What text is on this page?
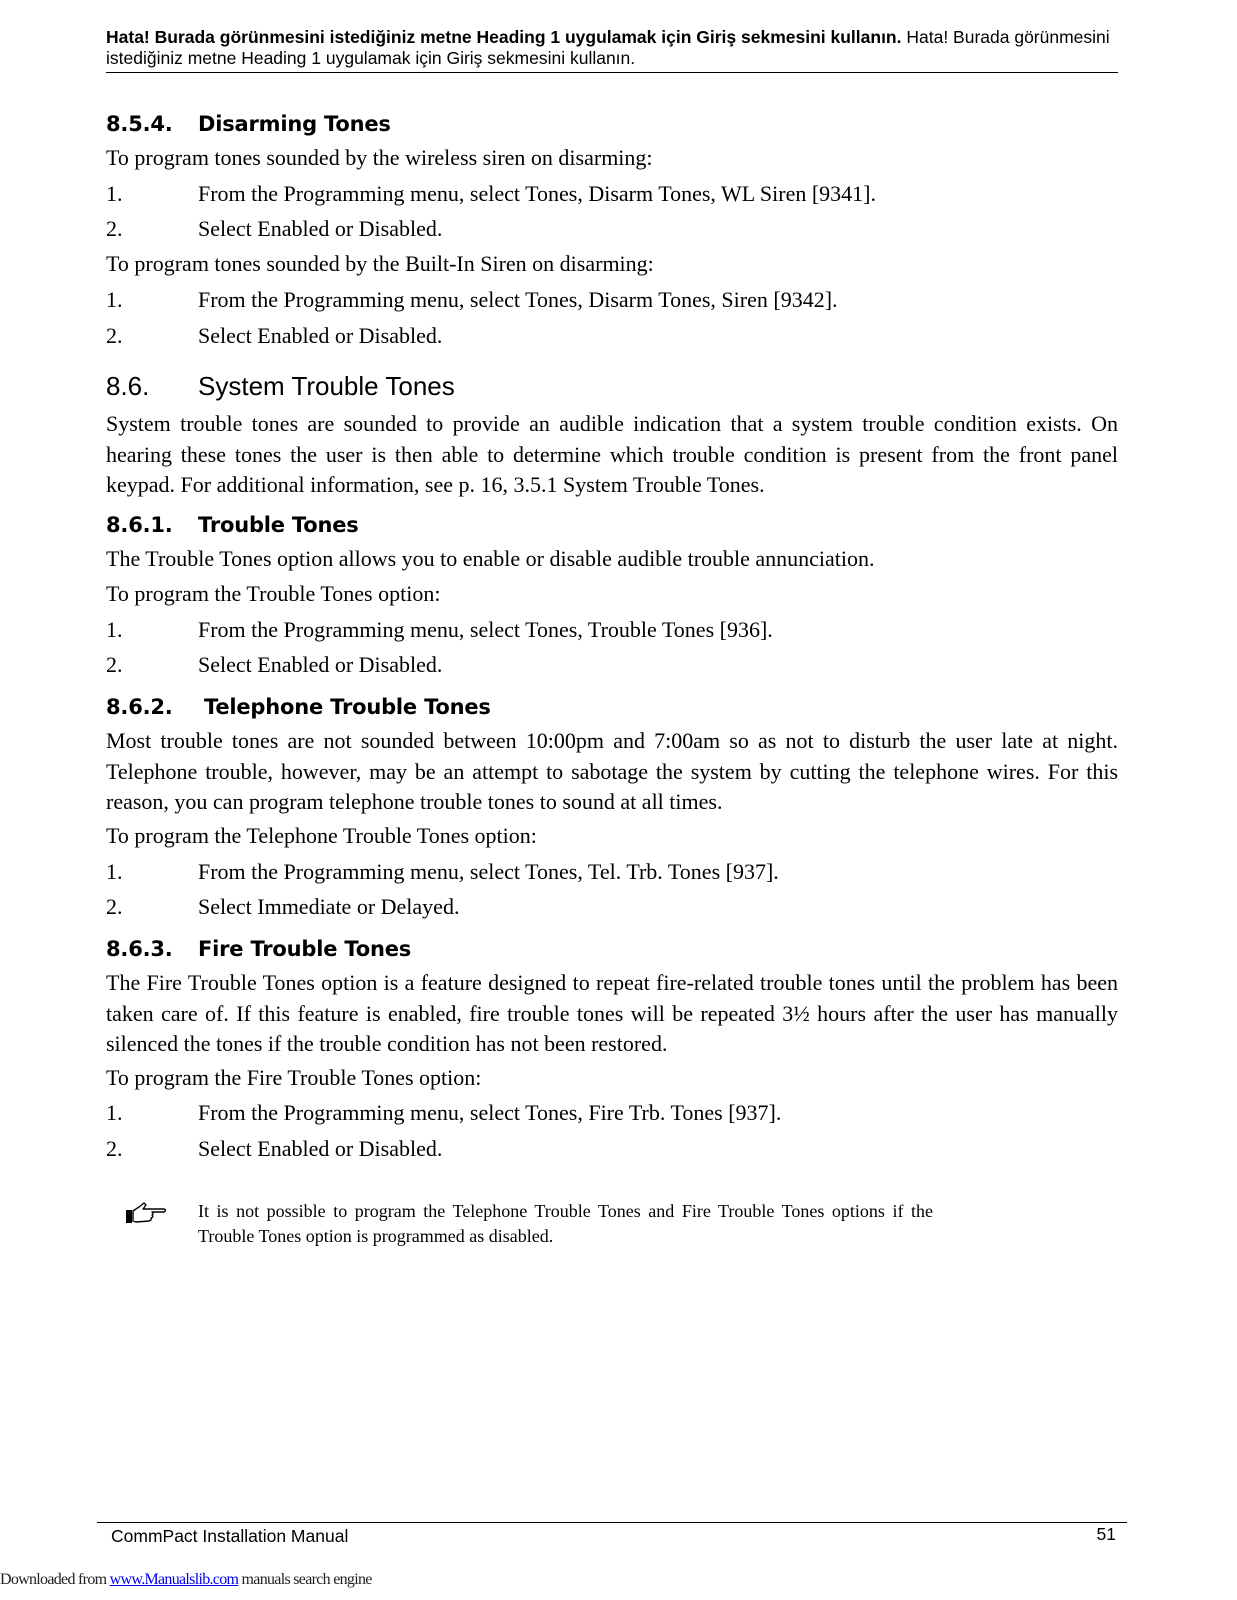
Hata! Burada görünmesini istediğiniz metne Heading 1 uygulamak için Giriş sekmesini kullanın. Hata! Burada görünmesini istediğiniz metne Heading 1 uygulamak için Giriş sekmesini kullanın.
8.5.4. Disarming Tones
To program tones sounded by the wireless siren on disarming:
1.	From the Programming menu, select Tones, Disarm Tones, WL Siren [9341].
2.	Select Enabled or Disabled.
To program tones sounded by the Built-In Siren on disarming:
1.	From the Programming menu, select Tones, Disarm Tones, Siren [9342].
2.	Select Enabled or Disabled.
8.6. System Trouble Tones
System trouble tones are sounded to provide an audible indication that a system trouble condition exists. On hearing these tones the user is then able to determine which trouble condition is present from the front panel keypad. For additional information, see p. 16, 3.5.1 System Trouble Tones.
8.6.1. Trouble Tones
The Trouble Tones option allows you to enable or disable audible trouble annunciation.
To program the Trouble Tones option:
1.	From the Programming menu, select Tones, Trouble Tones [936].
2.	Select Enabled or Disabled.
8.6.2. Telephone Trouble Tones
Most trouble tones are not sounded between 10:00pm and 7:00am so as not to disturb the user late at night. Telephone trouble, however, may be an attempt to sabotage the system by cutting the telephone wires. For this reason, you can program telephone trouble tones to sound at all times.
To program the Telephone Trouble Tones option:
1.	From the Programming menu, select Tones, Tel. Trb. Tones [937].
2.	Select Immediate or Delayed.
8.6.3. Fire Trouble Tones
The Fire Trouble Tones option is a feature designed to repeat fire-related trouble tones until the problem has been taken care of. If this feature is enabled, fire trouble tones will be repeated 3½ hours after the user has manually silenced the tones if the trouble condition has not been restored.
To program the Fire Trouble Tones option:
1.	From the Programming menu, select Tones, Fire Trb. Tones [937].
2.	Select Enabled or Disabled.
It is not possible to program the Telephone Trouble Tones and Fire Trouble Tones options if the Trouble Tones option is programmed as disabled.
CommPact Installation Manual	51
Downloaded from www.Manualslib.com manuals search engine
